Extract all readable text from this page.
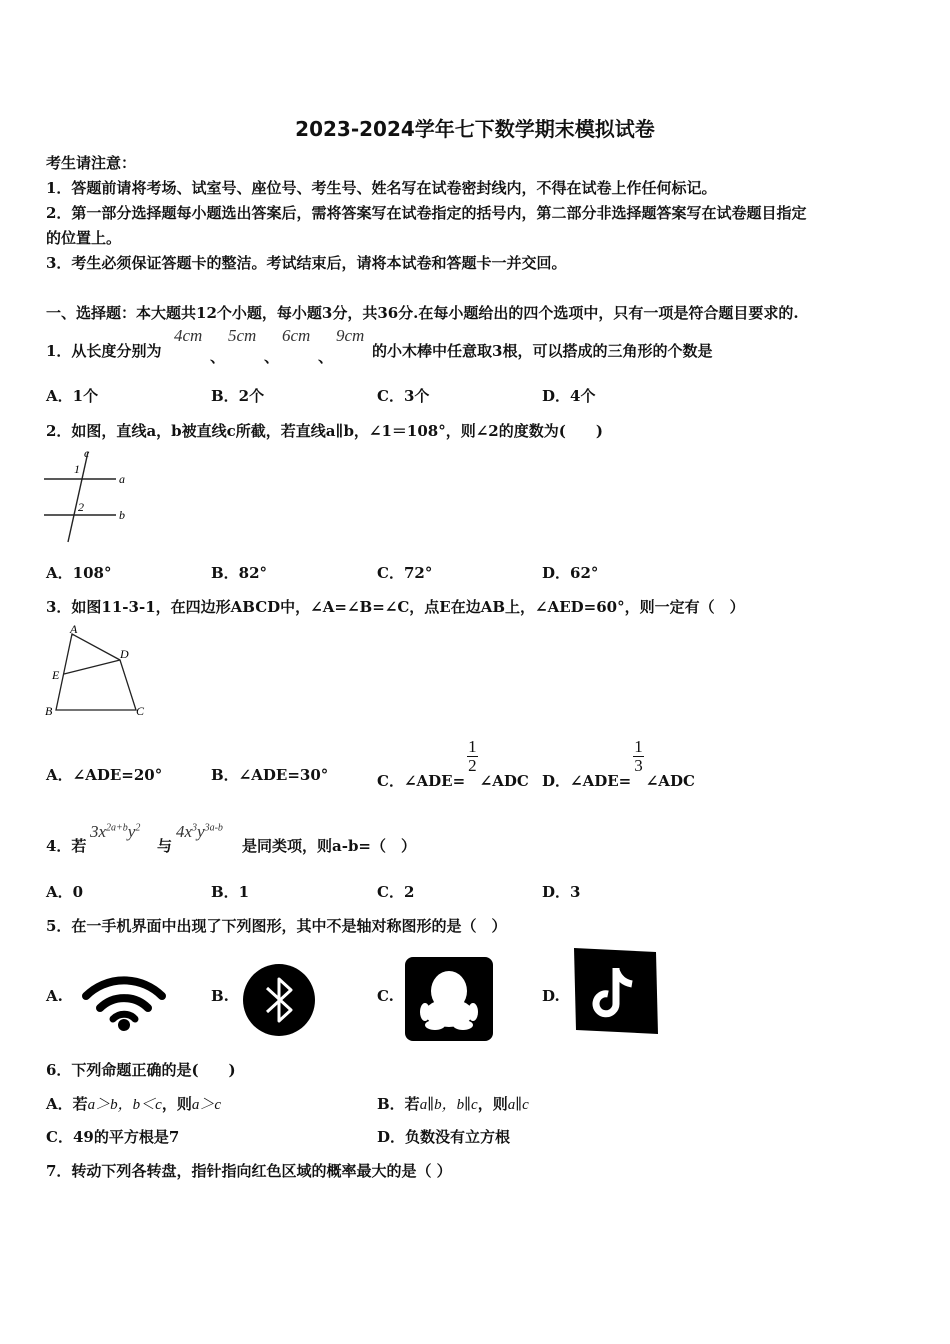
2023-2024学年七下数学期末模拟试卷
考生请注意：
1．答题前请将考场、试室号、座位号、考生号、姓名写在试卷密封线内，不得在试卷上作任何标记。
2．第一部分选择题每小题选出答案后，需将答案写在试卷指定的括号内，第二部分非选择题答案写在试卷题目指定
的位置上。
3．考生必须保证答题卡的整洁。考试结束后，请将本试卷和答题卡一并交回。
一、选择题：本大题共12个小题，每小题3分，共36分.在每小题给出的四个选项中，只有一项是符合题目要求的.
1．从长度分别为
4cm
、
5cm
、
6cm
、
9cm
的小木棒中任意取3根，可以搭成的三角形的个数是
A．1个	B．2个	C．3个	D．4个
2．如图，直线a，b被直线c所截，若直线a∥b，∠1＝108°，则∠2的度数为(　　)
c
1
a
2
b
A．108°	B．82°	C．72°	D．62°
3．如图11-3-1，在四边形ABCD中，∠A=∠B=∠C，点E在边AB上，∠AED=60°，则一定有（　）
A
D
E
B	C
A．∠ADE=20°	B．∠ADE=30°	C．∠ADE=
$\frac{1}{2}$
∠ADC D．∠ADE=
$\frac{1}{3}$
∠ADC
4．若
$3x^{2a+b}y^2$
与
$4x^3y^{3a-b}$
是同类项，则a-b=（　）
A．0	B．1	C．2	D．3
5．在一手机界面中出现了下列图形，其中不是轴对称图形的是（　）
A.	B.	C.	D.
6．下列命题正确的是(　　)
A．若a＞b，b＜c，则a＞c	B．若a∥b，b∥c，则a∥c
C．49的平方根是7	D．负数没有立方根
7．转动下列各转盘，指针指向红色区域的概率最大的是（ ）
